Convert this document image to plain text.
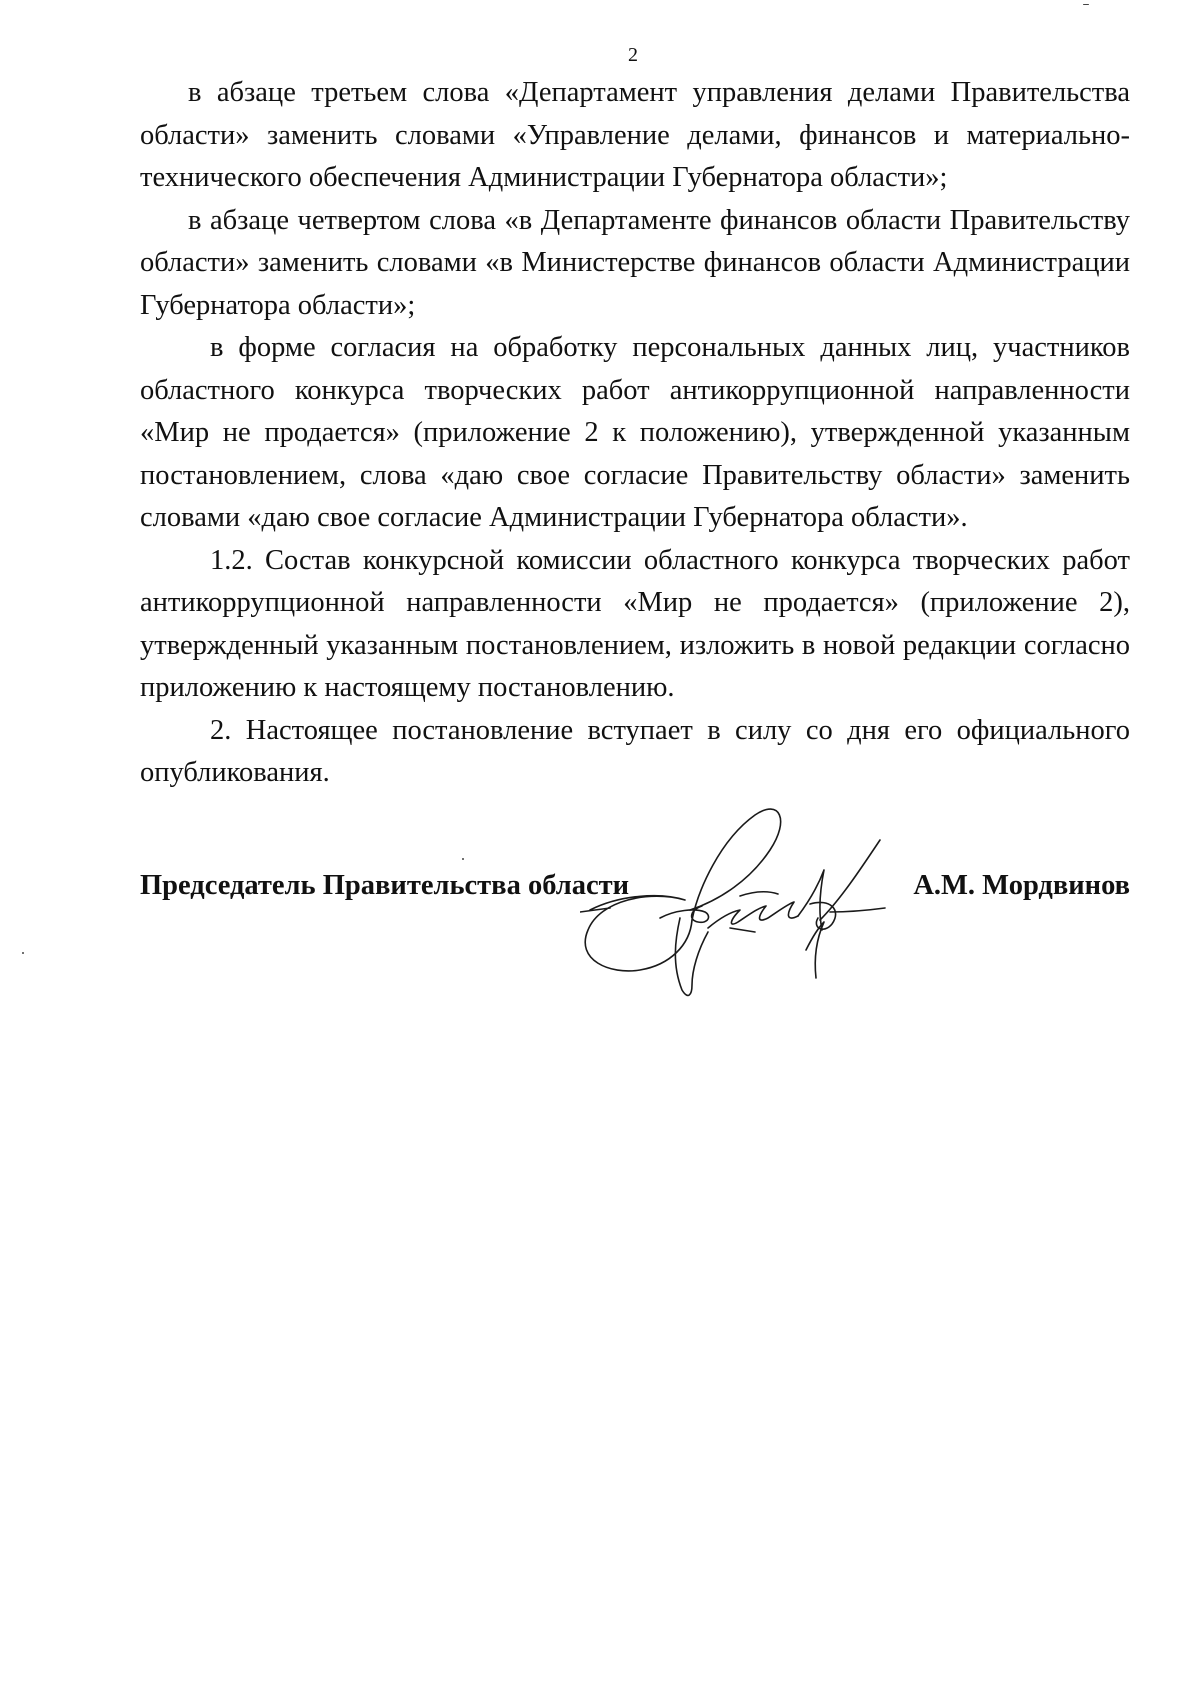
2

в абзаце третьем слова «Департамент управления делами Правительства области» заменить словами «Управление делами, финансов и материально-технического обеспечения Администрации Губернатора области»;

в абзаце четвертом слова «в Департаменте финансов области Правительству области» заменить словами «в Министерстве финансов области Администрации Губернатора области»;

в форме согласия на обработку персональных данных лиц, участников областного конкурса творческих работ антикоррупционной направленности «Мир не продается» (приложение 2 к положению), утвержденной указанным постановлением, слова «даю свое согласие Правительству области» заменить словами «даю свое согласие Администрации Губернатора области».

1.2. Состав конкурсной комиссии областного конкурса творческих работ антикоррупционной направленности «Мир не продается» (приложение 2), утвержденный указанным постановлением, изложить в новой редакции согласно приложению к настоящему постановлению.

2. Настоящее постановление вступает в силу со дня его официального опубликования.

Председатель Правительства области	А.М. Мордвинов
